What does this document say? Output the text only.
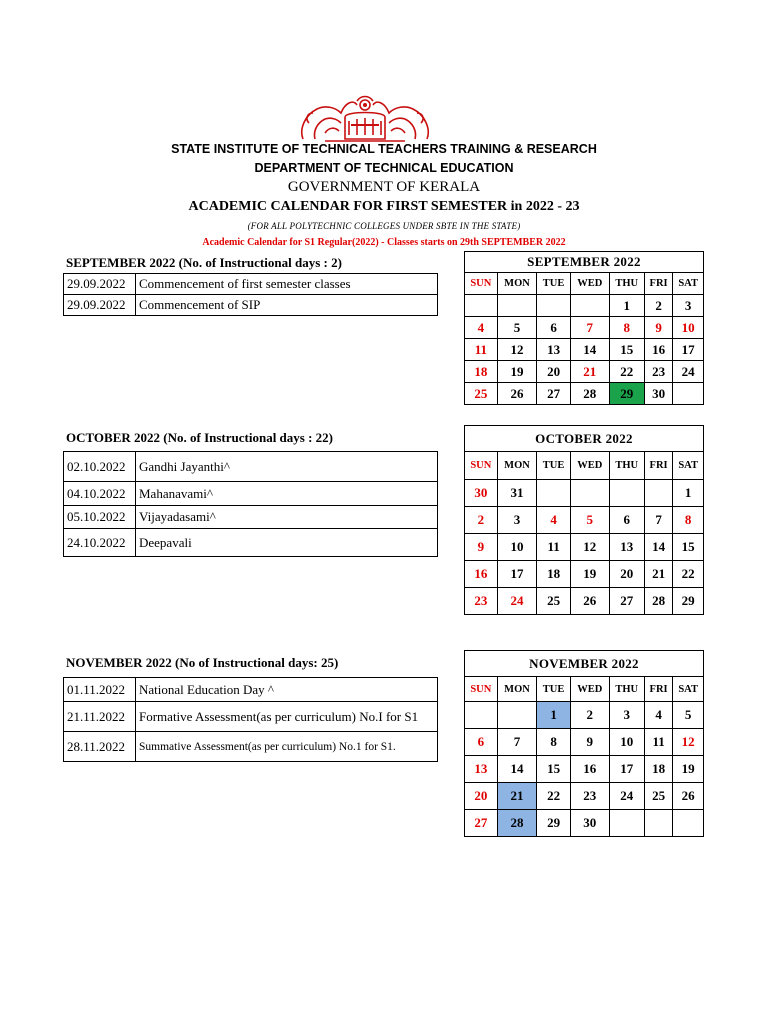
STATE INSTITUTE OF TECHNICAL TEACHERS TRAINING & RESEARCH
DEPARTMENT OF TECHNICAL EDUCATION
GOVERNMENT OF KERALA
ACADEMIC CALENDAR FOR FIRST SEMESTER in 2022 - 23
(FOR ALL POLYTECHNIC COLLEGES UNDER SBTE IN THE STATE)
Academic Calendar for S1 Regular(2022) - Classes starts on 29th SEPTEMBER 2022
SEPTEMBER 2022 (No. of Instructional days : 2)
29.09.2022	Commencement of first semester classes
29.09.2022	Commencement of SIP
SEPTEMBER 2022						
SUN	MON	TUE	WED	THU	FRI	SAT
				1	2	3
4	5	6	7	8	9	10
11	12	13	14	15	16	17
18	19	20	21	22	23	24
25	26	27	28	29	30	
OCTOBER 2022 (No. of Instructional days : 22)
02.10.2022	Gandhi Jayanthi^
04.10.2022	Mahanavami^
05.10.2022	Vijayadasami^
24.10.2022	Deepavali
OCTOBER 2022						
SUN	MON	TUE	WED	THU	FRI	SAT
30	31					1
2	3	4	5	6	7	8
9	10	11	12	13	14	15
16	17	18	19	20	21	22
23	24	25	26	27	28	29
NOVEMBER 2022 (No of Instructional days: 25)
01.11.2022	National Education Day ^
21.11.2022	Formative Assessment(as per curriculum) No.I for S1
28.11.2022	Summative Assessment(as per curriculum) No.1 for S1.
NOVEMBER 2022						
SUN	MON	TUE	WED	THU	FRI	SAT
		1	2	3	4	5
6	7	8	9	10	11	12
13	14	15	16	17	18	19
20	21	22	23	24	25	26
27	28	29	30			
